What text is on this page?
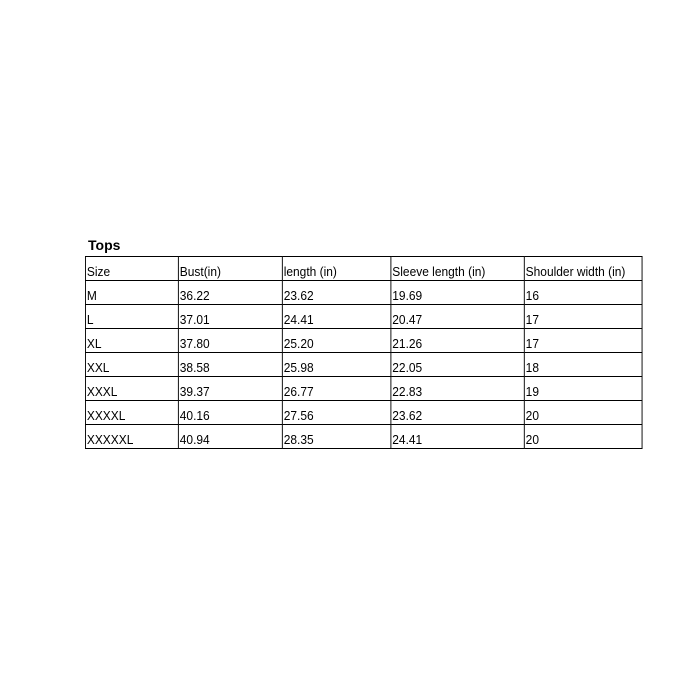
Tops
Size	Bust(in)	length (in)	Sleeve length (in)	Shoulder width (in)
M	36.22	23.62	19.69	16
L	37.01	24.41	20.47	17
XL	37.80	25.20	21.26	17
XXL	38.58	25.98	22.05	18
XXXL	39.37	26.77	22.83	19
XXXXL	40.16	27.56	23.62	20
XXXXXL	40.94	28.35	24.41	20
